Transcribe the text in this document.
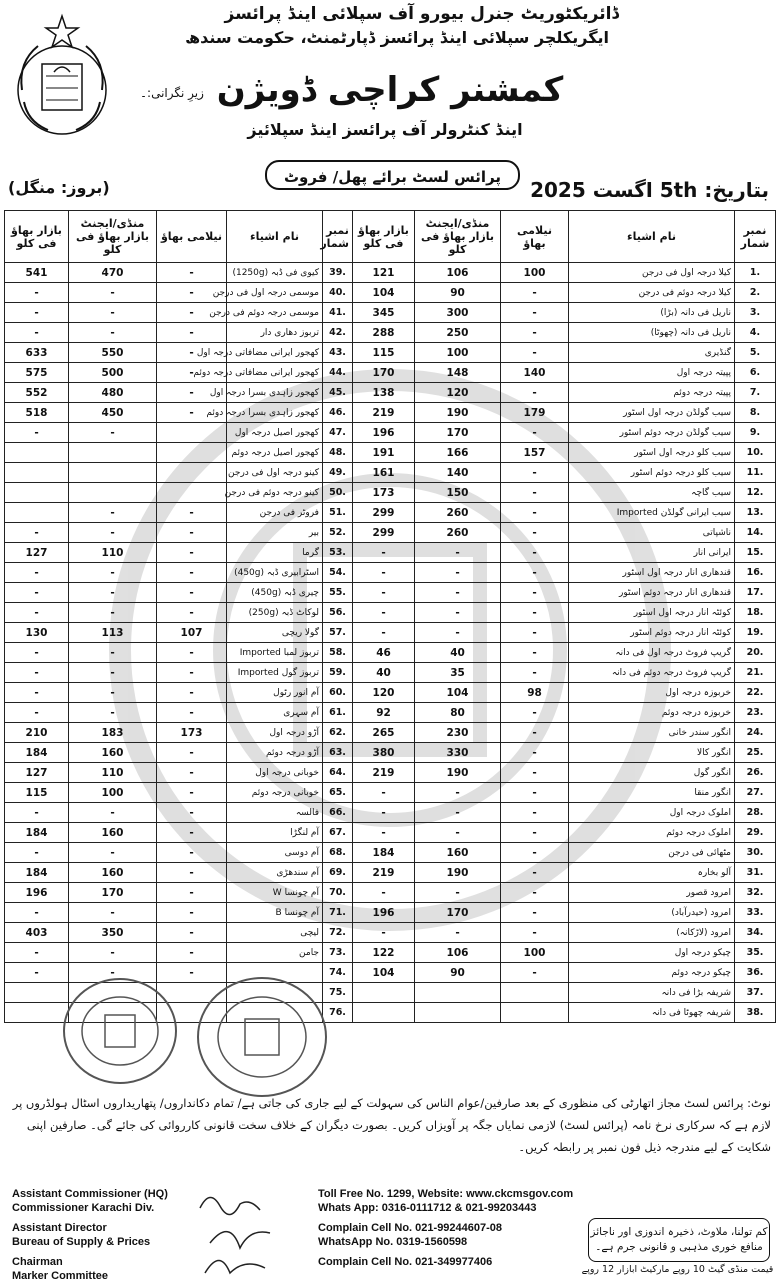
ڈائریکٹوریٹ جنرل بیورو آف سپلائی اینڈ پرائسز
ایگریکلچر سپلائی اینڈ پرائسز ڈپارٹمنٹ، حکومت سندھ
زیرِ نگرانی:۔ کمشنر کراچی ڈویژن
اینڈ کنٹرولر آف پرائسز اینڈ سپلائیز
پرائس لسٹ برائے پھل/ فروٹ
بتاریخ: 5th اگست 2025
(بروز: منگل)
بازار بھاؤ فی کلو	منڈی/ایجنٹ بازار بھاؤ فی کلو	نیلامی بھاؤ	نام اشیاء	نمبر شمار	بازار بھاؤ فی کلو	منڈی/ایجنٹ بازار بھاؤ فی کلو	نیلامی بھاؤ	نام اشیاء	نمبر شمار
541	470	-	کیوی فی ڈبہ (1250g)	39.	121	106	100	کیلا درجہ اول فی درجن	1.
-	-	-	موسمی درجہ اول فی درجن	40.	104	90	-	کیلا درجہ دوئم فی درجن	2.
-	-	-	موسمی درجہ دوئم فی درجن	41.	345	300	-	ناریل فی دانہ (بڑا)	3.
-	-	-	تربوز دھاری دار	42.	288	250	-	ناریل فی دانہ (چھوٹا)	4.
633	550	-	کھجور ایرانی مضافاتی درجہ اول	43.	115	100	-	گنڈیری	5.
575	500	-	کھجور ایرانی مضافاتی درجہ دوئم	44.	170	148	140	پپیتہ درجہ اول	6.
552	480	-	کھجور زاہدی بسرا درجہ اول	45.	138	120	-	پپیتہ درجہ دوئم	7.
518	450	-	کھجور زاہدی بسرا درجہ دوئم	46.	219	190	179	سیب گولڈن درجہ اول اسٹور	8.
-	-		کھجور اصیل درجہ اول	47.	196	170	-	سیب گولڈن درجہ دوئم اسٹور	9.
			کھجور اصیل درجہ دوئم	48.	191	166	157	سیب کلو درجہ اول اسٹور	10.
			کینو درجہ اول فی درجن	49.	161	140	-	سیب کلو درجہ دوئم اسٹور	11.
			کینو درجہ دوئم فی درجن	50.	173	150	-	سیب گاچہ	12.
	-	-	فروٹر فی درجن	51.	299	260	-	سیب ایرانی گولڈن Imported	13.
-	-	-	بیر	52.	299	260	-	ناشپاتی	14.
127	110	-	گرما	53.	-	-	-	ایرانی انار	15.
-	-	-	اسٹرابیری ڈبہ (450g)	54.	-	-	-	قندھاری انار درجہ اول اسٹور	16.
-	-	-	چیری ڈبہ (450g)	55.	-	-	-	قندھاری انار درجہ دوئم اسٹور	17.
-	-	-	لوکاٹ ڈبہ (250g)	56.	-	-	-	کوئٹہ انار درجہ اول اسٹور	18.
130	113	107	گولا ریچی	57.	-	-	-	کوئٹہ انار درجہ دوئم اسٹور	19.
-	-	-	تربوز لمبا Imported	58.	46	40	-	گریپ فروٹ درجہ اول فی دانہ	20.
-	-	-	تربوز گول Imported	59.	40	35	-	گریپ فروٹ درجہ دوئم فی دانہ	21.
-	-	-	آم انور رٹول	60.	120	104	98	خربوزہ درجہ اول	22.
-	-	-	آم سہری	61.	92	80	-	خربوزہ درجہ دوئم	23.
210	183	173	آڑو درجہ اول	62.	265	230	-	انگور سندر خانی	24.
184	160	-	آڑو درجہ دوئم	63.	380	330	-	انگور کالا	25.
127	110	-	خوبانی درجہ اول	64.	219	190	-	انگور گول	26.
115	100	-	خوبانی درجہ دوئم	65.	-	-	-	انگور منقا	27.
-	-	-	فالسہ	66.	-	-	-	املوک درجہ اول	28.
184	160	-	آم لنگڑا	67.	-	-	-	املوک درجہ دوئم	29.
-	-	-	آم دوسی	68.	184	160	-	مٹھائی فی درجن	30.
184	160	-	آم سندھڑی	69.	219	190	-	آلو بخارہ	31.
196	170	-	آم چونسا W	70.	-	-	-	امرود قصور	32.
-	-	-	آم چونسا B	71.	196	170	-	امرود (حیدرآباد)	33.
403	350	-	لیچی	72.	-	-	-	امرود (لاڑکانہ)	34.
-	-	-	جامن	73.	122	106	100	چیکو درجہ اول	35.
-	-	-		74.	104	90	-	چیکو درجہ دوئم	36.
				75.				شریفہ بڑا فی دانہ	37.
				76.				شریفہ چھوٹا فی دانہ	38.
نوٹ: پرائس لسٹ مجاز اتھارٹی کی منظوری کے بعد صارفین/عوام الناس کی سہولت کے لیے جاری کی جاتی ہے/ تمام دکانداروں/ پتھاریداروں اسٹال ہولڈروں پر لازم ہے کہ سرکاری نرخ نامہ (پرائس لسٹ) لازمی نمایاں جگہ پر آویزاں کریں۔ بصورت دیگران کے خلاف سخت قانونی کارروائی کی جائے گی۔ صارفین اپنی شکایت کے لیے مندرجہ ذیل فون نمبر پر رابطہ کریں۔
Assistant Commissioner (HQ)
Commissioner Karachi Div.
Assistant Director
Bureau of Supply & Prices
Chairman
Marker Committee
Toll Free No. 1299, Website: www.ckcmsgov.com
Whats App: 0316-0111712 & 021-99203443
Complain Cell No. 021-99244607-08
WhatsApp No. 0319-1560598
Complain Cell No. 021-349977406
کم تولنا، ملاوٹ، ذخیرہ اندوزی اور ناجائز منافع خوری مذہبی و قانونی جرم ہے۔
قیمت منڈی گیٹ 10 روپے مارکیٹ ابازار 12 روپے
